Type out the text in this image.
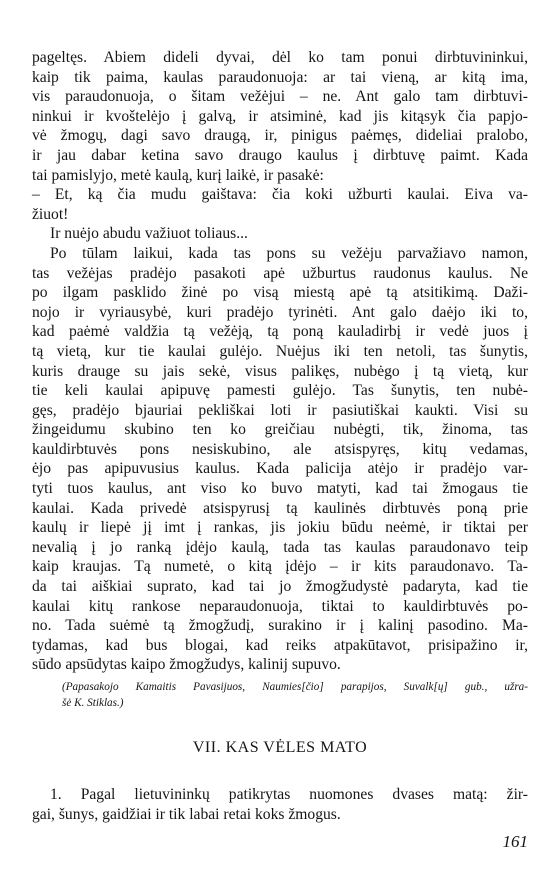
pageltęs. Abiem dideli dyvai, dėl ko tam ponui dirbtuvininkui,
kaip tik paima, kaulas paraudonuoja: ar tai vieną, ar kitą ima,
vis paraudonuoja, o šitam vežėjui – ne. Ant galo tam dirbtuvi-
ninkui ir kvoštelėjo į galvą, ir atsiminė, kad jis kitąsyk čia papjo-
vė žmogų, dagi savo draugą, ir, pinigus paėmęs, dideliai pralobo,
ir jau dabar ketina savo draugo kaulus į dirbtuvę paimt. Kada
tai pamislyjo, metė kaulą, kurį laikė, ir pasakė:
– Et, ką čia mudu gaištava: čia koki užburti kaulai. Eiva va-
žiuot!
Ir nuėjo abudu važiuot toliaus...
Po tūlam laikui, kada tas pons su vežėju parvažiavo namon,
tas vežėjas pradėjo pasakoti apė užburtus raudonus kaulus. Ne
po ilgam pasklido žinė po visą miestą apė tą atsitikimą. Daži-
nojo ir vyriausybė, kuri pradėjo tyrinėti. Ant galo daėjo iki to,
kad paėmė valdžia tą vežėją, tą poną kauladirbį ir vedė juos į
tą vietą, kur tie kaulai gulėjo. Nuėjus iki ten netoli, tas šunytis,
kuris drauge su jais sekė, visus palikęs, nubėgo į tą vietą, kur
tie keli kaulai apipuvę pamesti gulėjo. Tas šunytis, ten nubė-
gęs, pradėjo bjauriai pekliškai loti ir pasiutiškai kaukti. Visi su
žingeidumu skubino ten ko greičiau nubėgti, tik, žinoma, tas
kauldirbtuvės pons nesiskubino, ale atsispyręs, kitų vedamas,
ėjo pas apipuvusius kaulus. Kada palicija atėjo ir pradėjo var-
tyti tuos kaulus, ant viso ko buvo matyti, kad tai žmogaus tie
kaulai. Kada privedė atsispyrusį tą kaulinės dirbtuvės poną prie
kaulų ir liepė jį imt į rankas, jis jokiu būdu neėmė, ir tiktai per
nevalią į jo ranką įdėjo kaulą, tada tas kaulas paraudonavo teip
kaip kraujas. Tą numetė, o kitą įdėjo – ir kits paraudonavo. Ta-
da tai aiškiai suprato, kad tai jo žmogžudystė padaryta, kad tie
kaulai kitų rankose neparaudonuoja, tiktai to kauldirbtuvės po-
no. Tada suėmė tą žmogžudį, surakino ir į kalinį pasodino. Ma-
tydamas, kad bus blogai, kad reiks atpakūtavot, prisipažino ir,
sūdo apsūdytas kaipo žmogžudys, kalinij supuvo.
(Papasakojo Kamaitis Pavasijuos, Naumies[čio] parapijos, Suvalk[ų] gub., užra-
šė K. Stiklas.)
VII. KAS VĖLES MATO
1. Pagal lietuvininkų patikrytas nuomones dvases matą: žir-
gai, šunys, gaidžiai ir tik labai retai koks žmogus.
161
